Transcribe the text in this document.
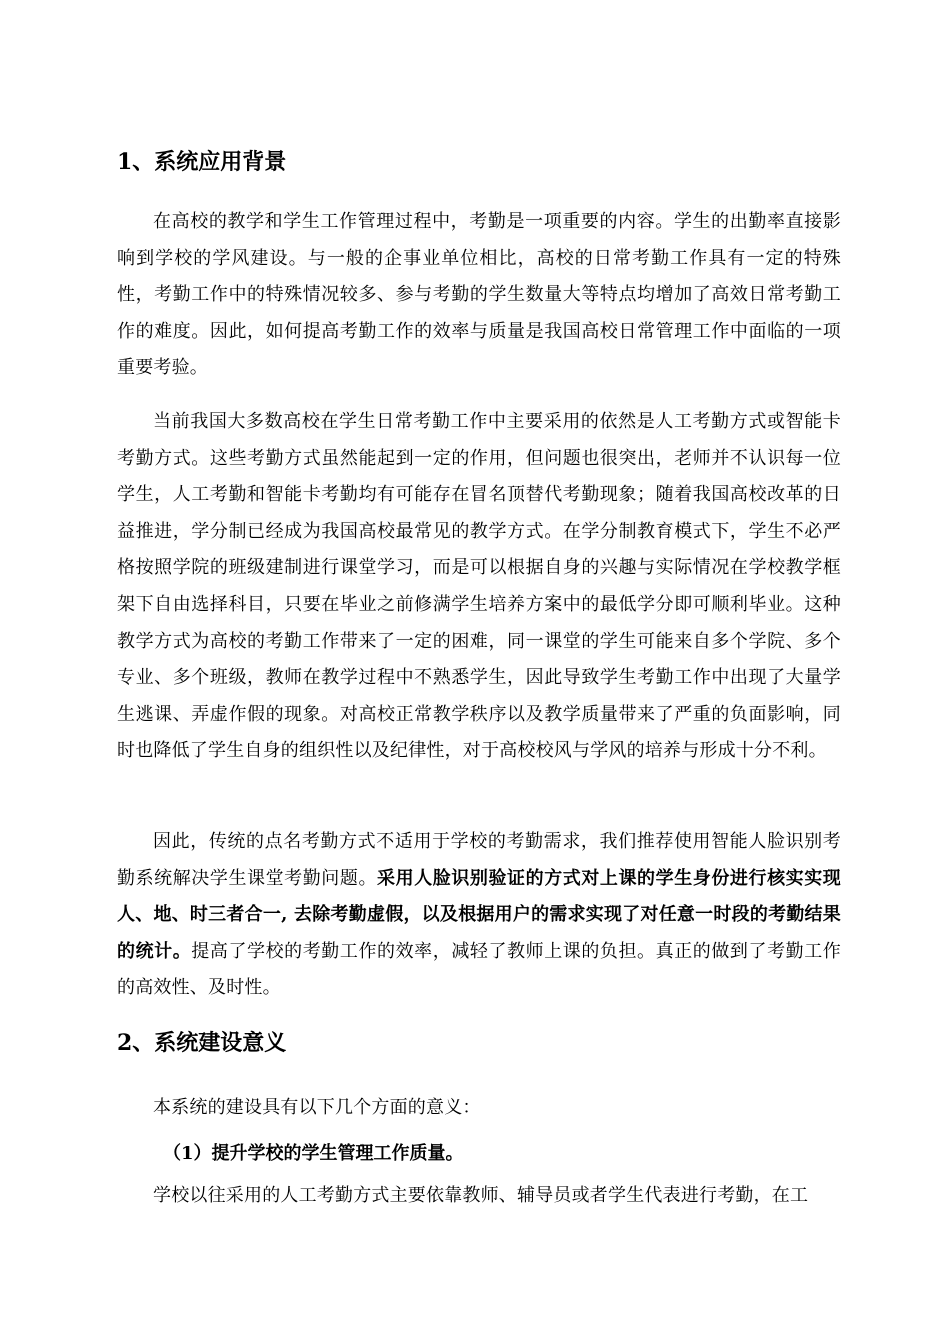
1、系统应用背景

在高校的教学和学生工作管理过程中，考勤是一项重要的内容。学生的出勤率直接影响到学校的学风建设。与一般的企事业单位相比，高校的日常考勤工作具有一定的特殊性，考勤工作中的特殊情况较多、参与考勤的学生数量大等特点均增加了高效日常考勤工作的难度。因此，如何提高考勤工作的效率与质量是我国高校日常管理工作中面临的一项重要考验。

当前我国大多数高校在学生日常考勤工作中主要采用的依然是人工考勤方式或智能卡考勤方式。这些考勤方式虽然能起到一定的作用，但问题也很突出，老师并不认识每一位学生，人工考勤和智能卡考勤均有可能存在冒名顶替代考勤现象；随着我国高校改革的日益推进，学分制已经成为我国高校最常见的教学方式。在学分制教育模式下，学生不必严格按照学院的班级建制进行课堂学习，而是可以根据自身的兴趣与实际情况在学校教学框架下自由选择科目，只要在毕业之前修满学生培养方案中的最低学分即可顺利毕业。这种教学方式为高校的考勤工作带来了一定的困难，同一课堂的学生可能来自多个学院、多个专业、多个班级，教师在教学过程中不熟悉学生，因此导致学生考勤工作中出现了大量学生逃课、弄虚作假的现象。对高校正常教学秩序以及教学质量带来了严重的负面影响，同时也降低了学生自身的组织性以及纪律性，对于高校校风与学风的培养与形成十分不利。

因此，传统的点名考勤方式不适用于学校的考勤需求，我们推荐使用智能人脸识别考勤系统解决学生课堂考勤问题。采用人脸识别验证的方式对上课的学生身份进行核实实现人、地、时三者合一, 去除考勤虚假，以及根据用户的需求实现了对任意一时段的考勤结果的统计。提高了学校的考勤工作的效率，减轻了教师上课的负担。真正的做到了考勤工作的高效性、及时性。

2、系统建设意义

本系统的建设具有以下几个方面的意义：

（1）提升学校的学生管理工作质量。

学校以往采用的人工考勤方式主要依靠教师、辅导员或者学生代表进行考勤，在工
